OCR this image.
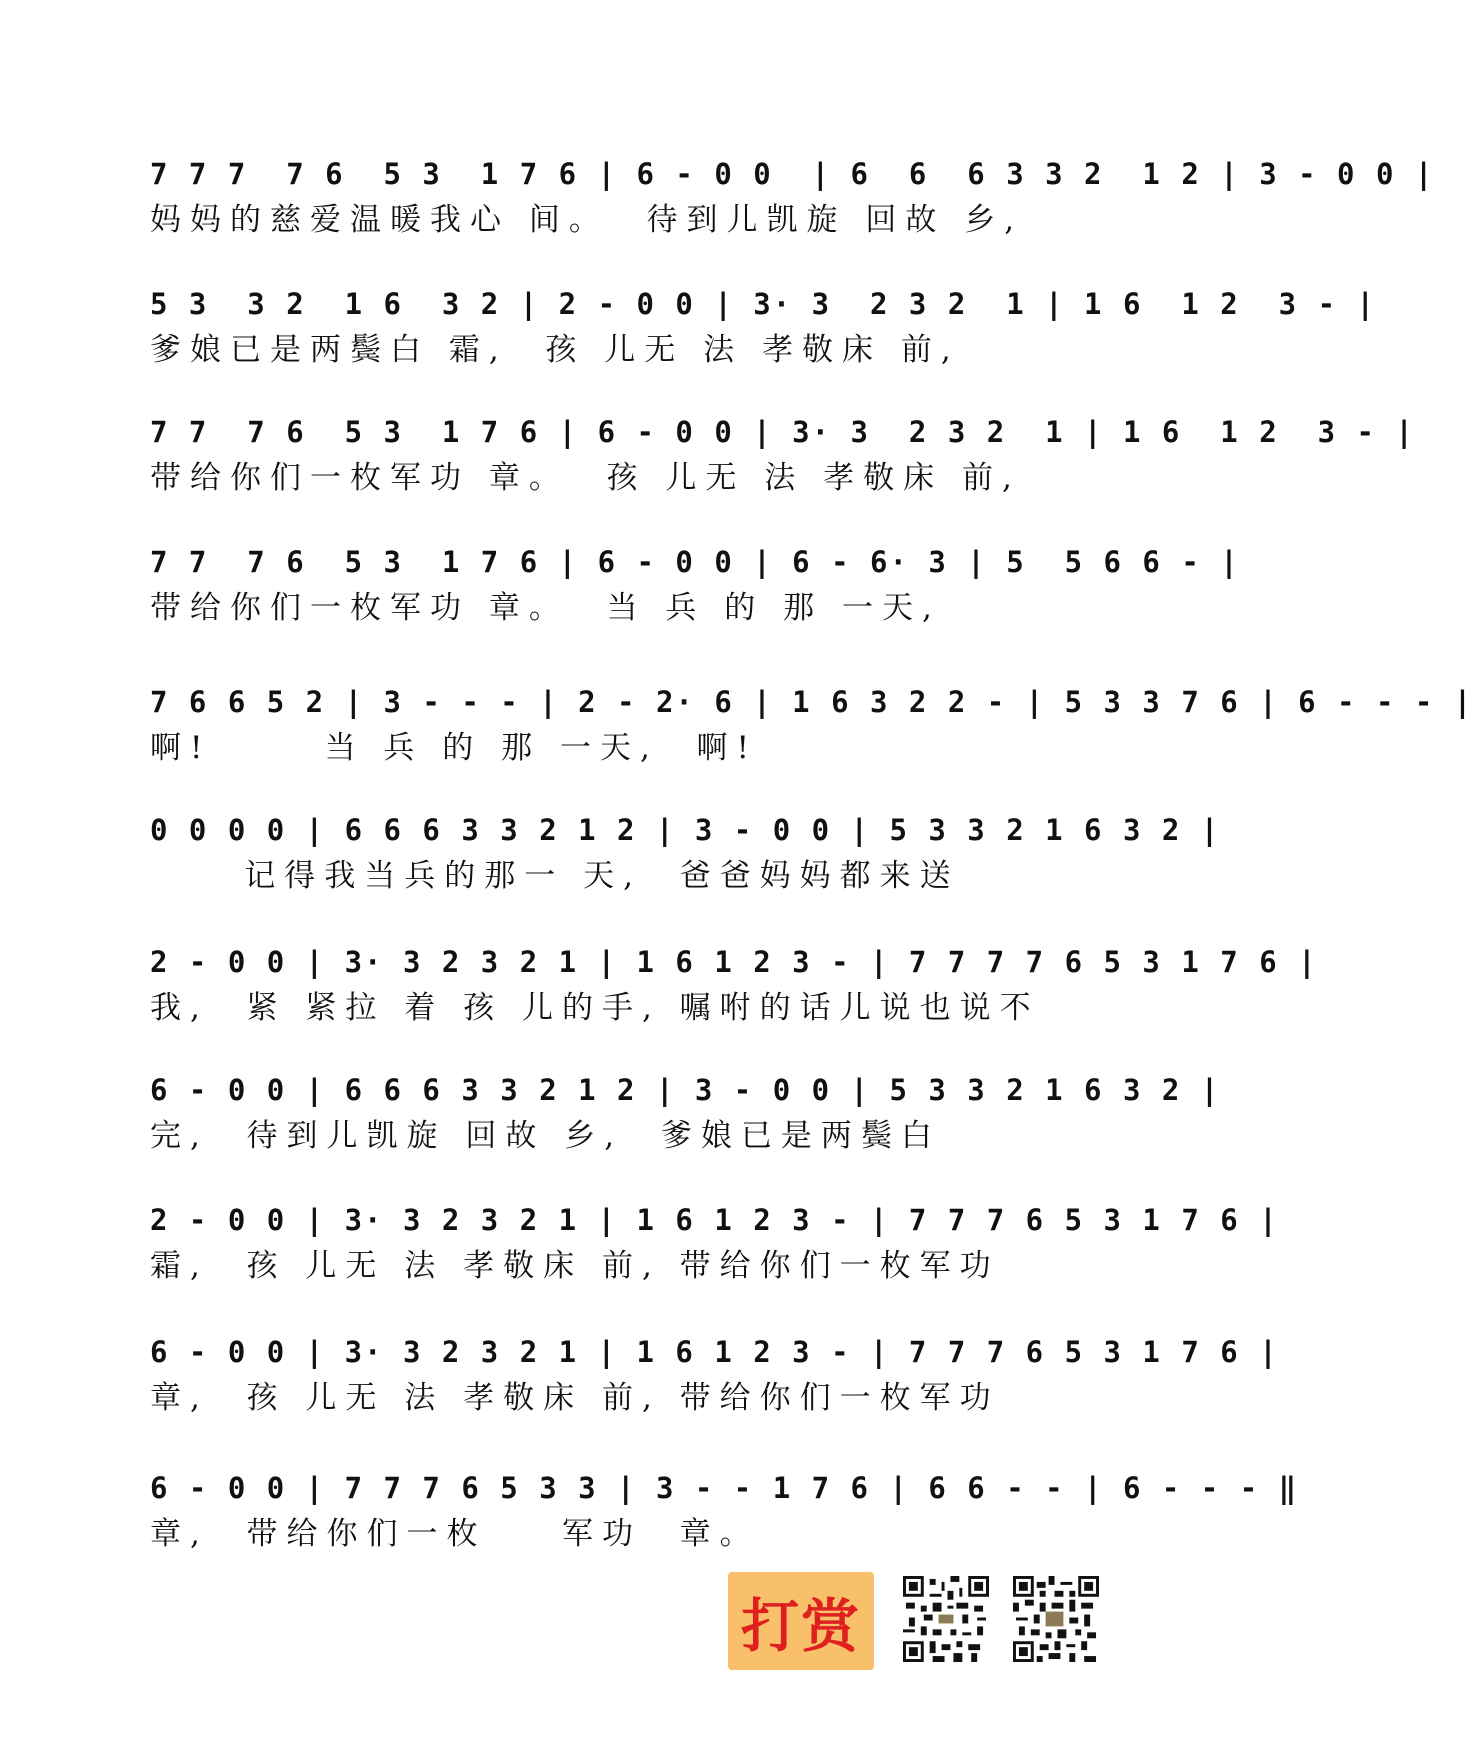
7 7 7  7 6  5 3  1 7 6 | 6 - 0 0  | 6  6  6 3 3 2  1 2 | 3 - 0 0 |
妈妈的慈爱温暖我心 间。  待到儿凯旋 回故 乡,
5 3  3 2  1 6  3 2 | 2 - 0 0 | 3· 3  2 3 2  1 | 1 6  1 2  3 - |
爹娘已是两鬓白 霜,  孩 儿无 法 孝敬床 前,
7 7  7 6  5 3  1 7 6 | 6 - 0 0 | 3· 3  2 3 2  1 | 1 6  1 2  3 - |
带给你们一枚军功 章。  孩 儿无 法 孝敬床 前,
7 7  7 6  5 3  1 7 6 | 6 - 0 0 | 6 - 6· 3 | 5  5 6 6 - |
带给你们一枚军功 章。  当 兵 的 那 一天,
7 6 6 5 2 | 3 - - - | 2 - 2· 6 | 1 6 3 2 2 - | 5 3 3 7 6 | 6 - - - |
啊!      当 兵 的 那 一天,  啊!
0 0 0 0 | 6 6 6 3 3 2 1 2 | 3 - 0 0 | 5 3 3 2 1 6 3 2 |
记得我当兵的那一 天,  爸爸妈妈都来送
2 - 0 0 | 3· 3 2 3 2 1 | 1 6 1 2 3 - | 7 7 7 7 6 5 3 1 7 6 |
我,  紧 紧拉 着 孩 儿的手, 嘱咐的话儿说也说不
6 - 0 0 | 6 6 6 3 3 2 1 2 | 3 - 0 0 | 5 3 3 2 1 6 3 2 |
完,  待到儿凯旋 回故 乡,  爹娘已是两鬓白
2 - 0 0 | 3· 3 2 3 2 1 | 1 6 1 2 3 - | 7 7 7 6 5 3 1 7 6 |
霜,  孩 儿无 法 孝敬床 前, 带给你们一枚军功
6 - 0 0 | 3· 3 2 3 2 1 | 1 6 1 2 3 - | 7 7 7 6 5 3 1 7 6 |
章,  孩 儿无 法 孝敬床 前, 带给你们一枚军功
6 - 0 0 | 7 7 7 6 5 3 3 | 3 - - 1 7 6 | 6 6 - - | 6 - - - ‖
章,  带给你们一枚    军功  章。
打赏
